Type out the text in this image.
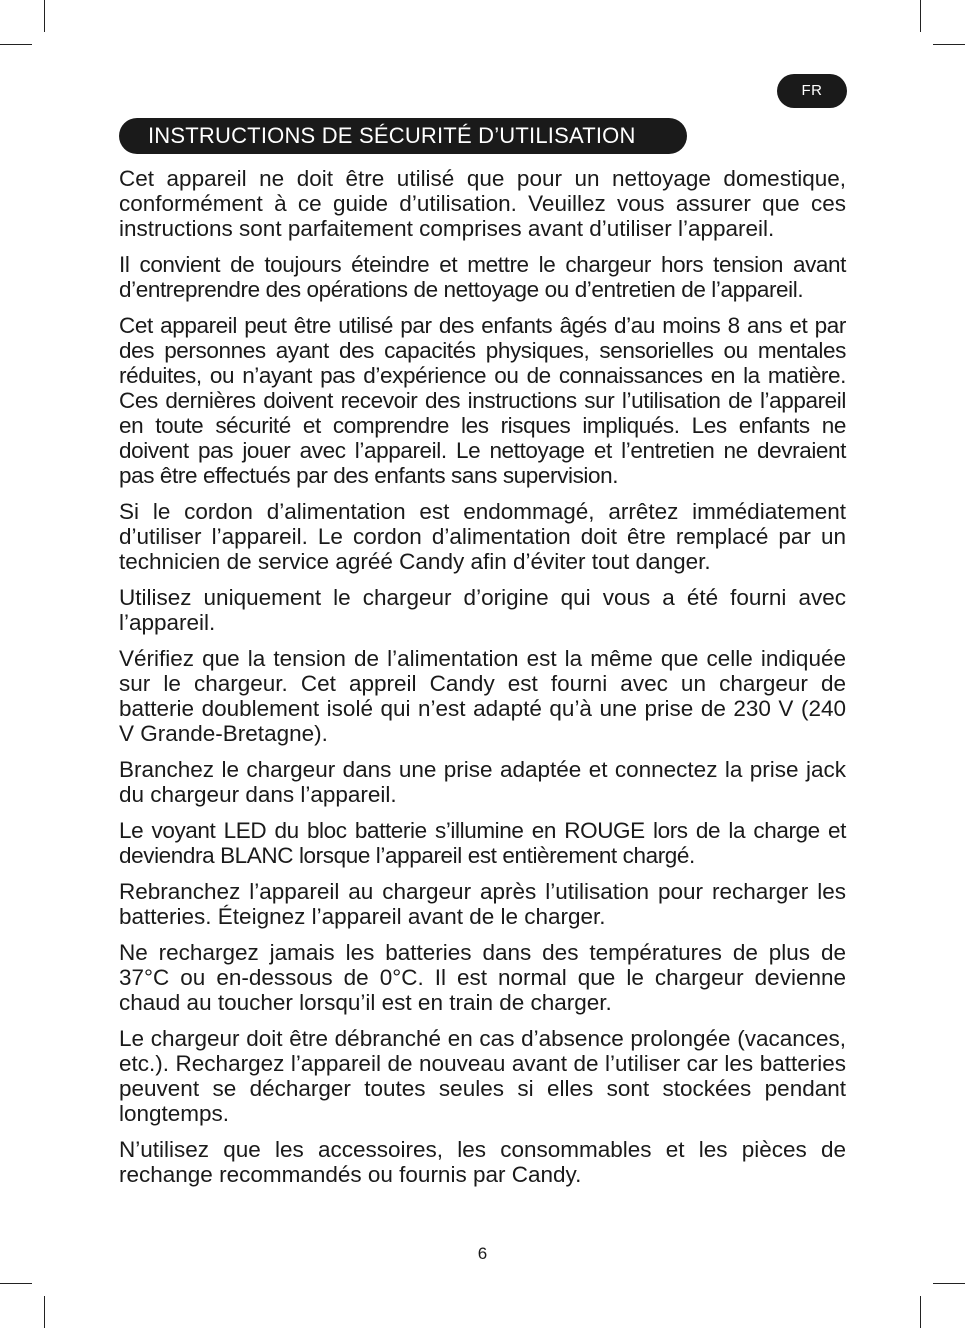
FR
INSTRUCTIONS DE SÉCURITÉ D’UTILISATION

Cet appareil ne doit être utilisé que pour un nettoyage domestique, conformément à ce guide d’utilisation. Veuillez vous assurer que ces instructions sont parfaitement comprises avant d’utiliser l’appareil.

Il convient de toujours éteindre et mettre le chargeur hors tension avant d’entreprendre des opérations de nettoyage ou d’entretien de l’appareil.

Cet appareil peut être utilisé par des enfants âgés d’au moins 8 ans et par des personnes ayant des capacités physiques, sensorielles ou mentales réduites, ou n’ayant pas d’expérience ou de connaissances en la matière. Ces dernières doivent recevoir des instructions sur l’utilisation de l’appareil en toute sécurité et comprendre les risques impliqués. Les enfants ne doivent pas jouer avec l’appareil. Le nettoyage et l’entretien ne devraient pas être effectués par des enfants sans supervision.

Si le cordon d’alimentation est endommagé, arrêtez immédiatement d’utiliser l’appareil. Le cordon d’alimentation doit être remplacé par un technicien de service agréé Candy afin d’éviter tout danger.

Utilisez uniquement le chargeur d’origine qui vous a été fourni avec l’appareil.

Vérifiez que la tension de l’alimentation est la même que celle indiquée sur le chargeur. Cet appreil Candy est fourni avec un chargeur de batterie doublement isolé qui n’est adapté qu’à une prise de 230 V (240 V Grande-Bretagne).

Branchez le chargeur dans une prise adaptée et connectez la prise jack du chargeur dans l’appareil.

Le voyant LED du bloc batterie s’illumine en ROUGE lors de la charge et deviendra BLANC lorsque l’appareil est entièrement chargé.

Rebranchez l’appareil au chargeur après l’utilisation pour recharger les batteries. Éteignez l’appareil avant de le charger.

Ne rechargez jamais les batteries dans des températures de plus de 37°C ou en-dessous de 0°C. Il est normal que le chargeur devienne chaud au toucher lorsqu’il est en train de charger.

Le chargeur doit être débranché en cas d’absence prolongée (vacances, etc.). Rechargez l’appareil de nouveau avant de l’utiliser car les batteries peuvent se décharger toutes seules si elles sont stockées pendant longtemps.

N’utilisez que les accessoires, les consommables et les pièces de rechange recommandés ou fournis par Candy.

6
